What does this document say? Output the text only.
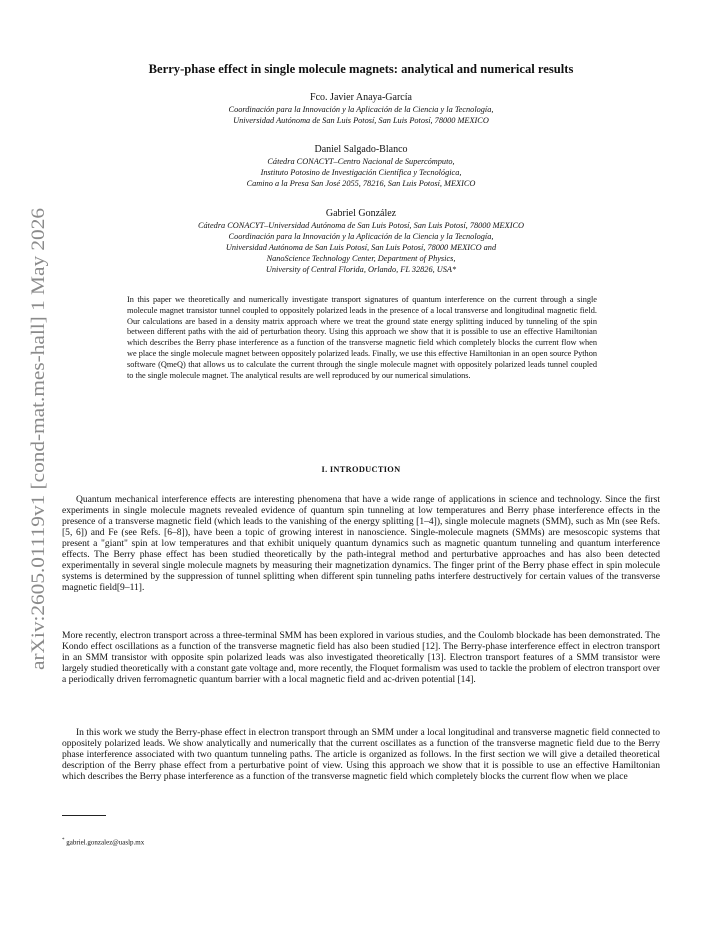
arXiv:2605.01119v1 [cond-mat.mes-hall] 1 May 2026
Berry-phase effect in single molecule magnets: analytical and numerical results
Fco. Javier Anaya-García
Coordinación para la Innovación y la Aplicación de la Ciencia y la Tecnología,
Universidad Autónoma de San Luis Potosí, San Luis Potosí, 78000 MEXICO
Daniel Salgado-Blanco
Cátedra CONACYT–Centro Nacional de Supercómputo,
Instituto Potosino de Investigación Científica y Tecnológica,
Camino a la Presa San José 2055, 78216, San Luis Potosí, MEXICO
Gabriel González
Cátedra CONACYT–Universidad Autónoma de San Luis Potosí, San Luis Potosí, 78000 MEXICO
Coordinación para la Innovación y la Aplicación de la Ciencia y la Tecnología,
Universidad Autónoma de San Luis Potosí, San Luis Potosí, 78000 MEXICO and
NanoScience Technology Center, Department of Physics,
University of Central Florida, Orlando, FL 32826, USA*
In this paper we theoretically and numerically investigate transport signatures of quantum interference on the current through a single molecule magnet transistor tunnel coupled to oppositely polarized leads in the presence of a local transverse and longitudinal magnetic field. Our calculations are based in a density matrix approach where we treat the ground state energy splitting induced by tunneling of the spin between different paths with the aid of perturbation theory. Using this approach we show that it is possible to use an effective Hamiltonian which describes the Berry phase interference as a function of the transverse magnetic field which completely blocks the current flow when we place the single molecule magnet between oppositely polarized leads. Finally, we use this effective Hamiltonian in an open source Python software (QmeQ) that allows us to calculate the current through the single molecule magnet with oppositely polarized leads tunnel coupled to the single molecule magnet. The analytical results are well reproduced by our numerical simulations.
I. INTRODUCTION
Quantum mechanical interference effects are interesting phenomena that have a wide range of applications in science and technology. Since the first experiments in single molecule magnets revealed evidence of quantum spin tunneling at low temperatures and Berry phase interference effects in the presence of a transverse magnetic field (which leads to the vanishing of the energy splitting [1–4]), single molecule magnets (SMM), such as Mn (see Refs. [5, 6]) and Fe (see Refs. [6–8]), have been a topic of growing interest in nanoscience. Single-molecule magnets (SMMs) are mesoscopic systems that present a "giant" spin at low temperatures and that exhibit uniquely quantum dynamics such as magnetic quantum tunneling and quantum interference effects. The Berry phase effect has been studied theoretically by the path-integral method and perturbative approaches and has also been detected experimentally in several single molecule magnets by measuring their magnetization dynamics. The finger print of the Berry phase effect in spin molecule systems is determined by the suppression of tunnel splitting when different spin tunneling paths interfere destructively for certain values of the transverse magnetic field[9–11].
More recently, electron transport across a three-terminal SMM has been explored in various studies, and the Coulomb blockade has been demonstrated. The Kondo effect oscillations as a function of the transverse magnetic field has also been studied [12]. The Berry-phase interference effect in electron transport in an SMM transistor with opposite spin polarized leads was also investigated theoretically [13]. Electron transport features of a SMM transistor were largely studied theoretically with a constant gate voltage and, more recently, the Floquet formalism was used to tackle the problem of electron transport over a periodically driven ferromagnetic quantum barrier with a local magnetic field and ac-driven potential [14].
In this work we study the Berry-phase effect in electron transport through an SMM under a local longitudinal and transverse magnetic field connected to oppositely polarized leads. We show analytically and numerically that the current oscillates as a function of the transverse magnetic field due to the Berry phase interference associated with two quantum tunneling paths. The article is organized as follows. In the first section we will give a detailed theoretical description of the Berry phase effect from a perturbative point of view. Using this approach we show that it is possible to use an effective Hamiltonian which describes the Berry phase interference as a function of the transverse magnetic field which completely blocks the current flow when we place
* gabriel.gonzalez@uaslp.mx
